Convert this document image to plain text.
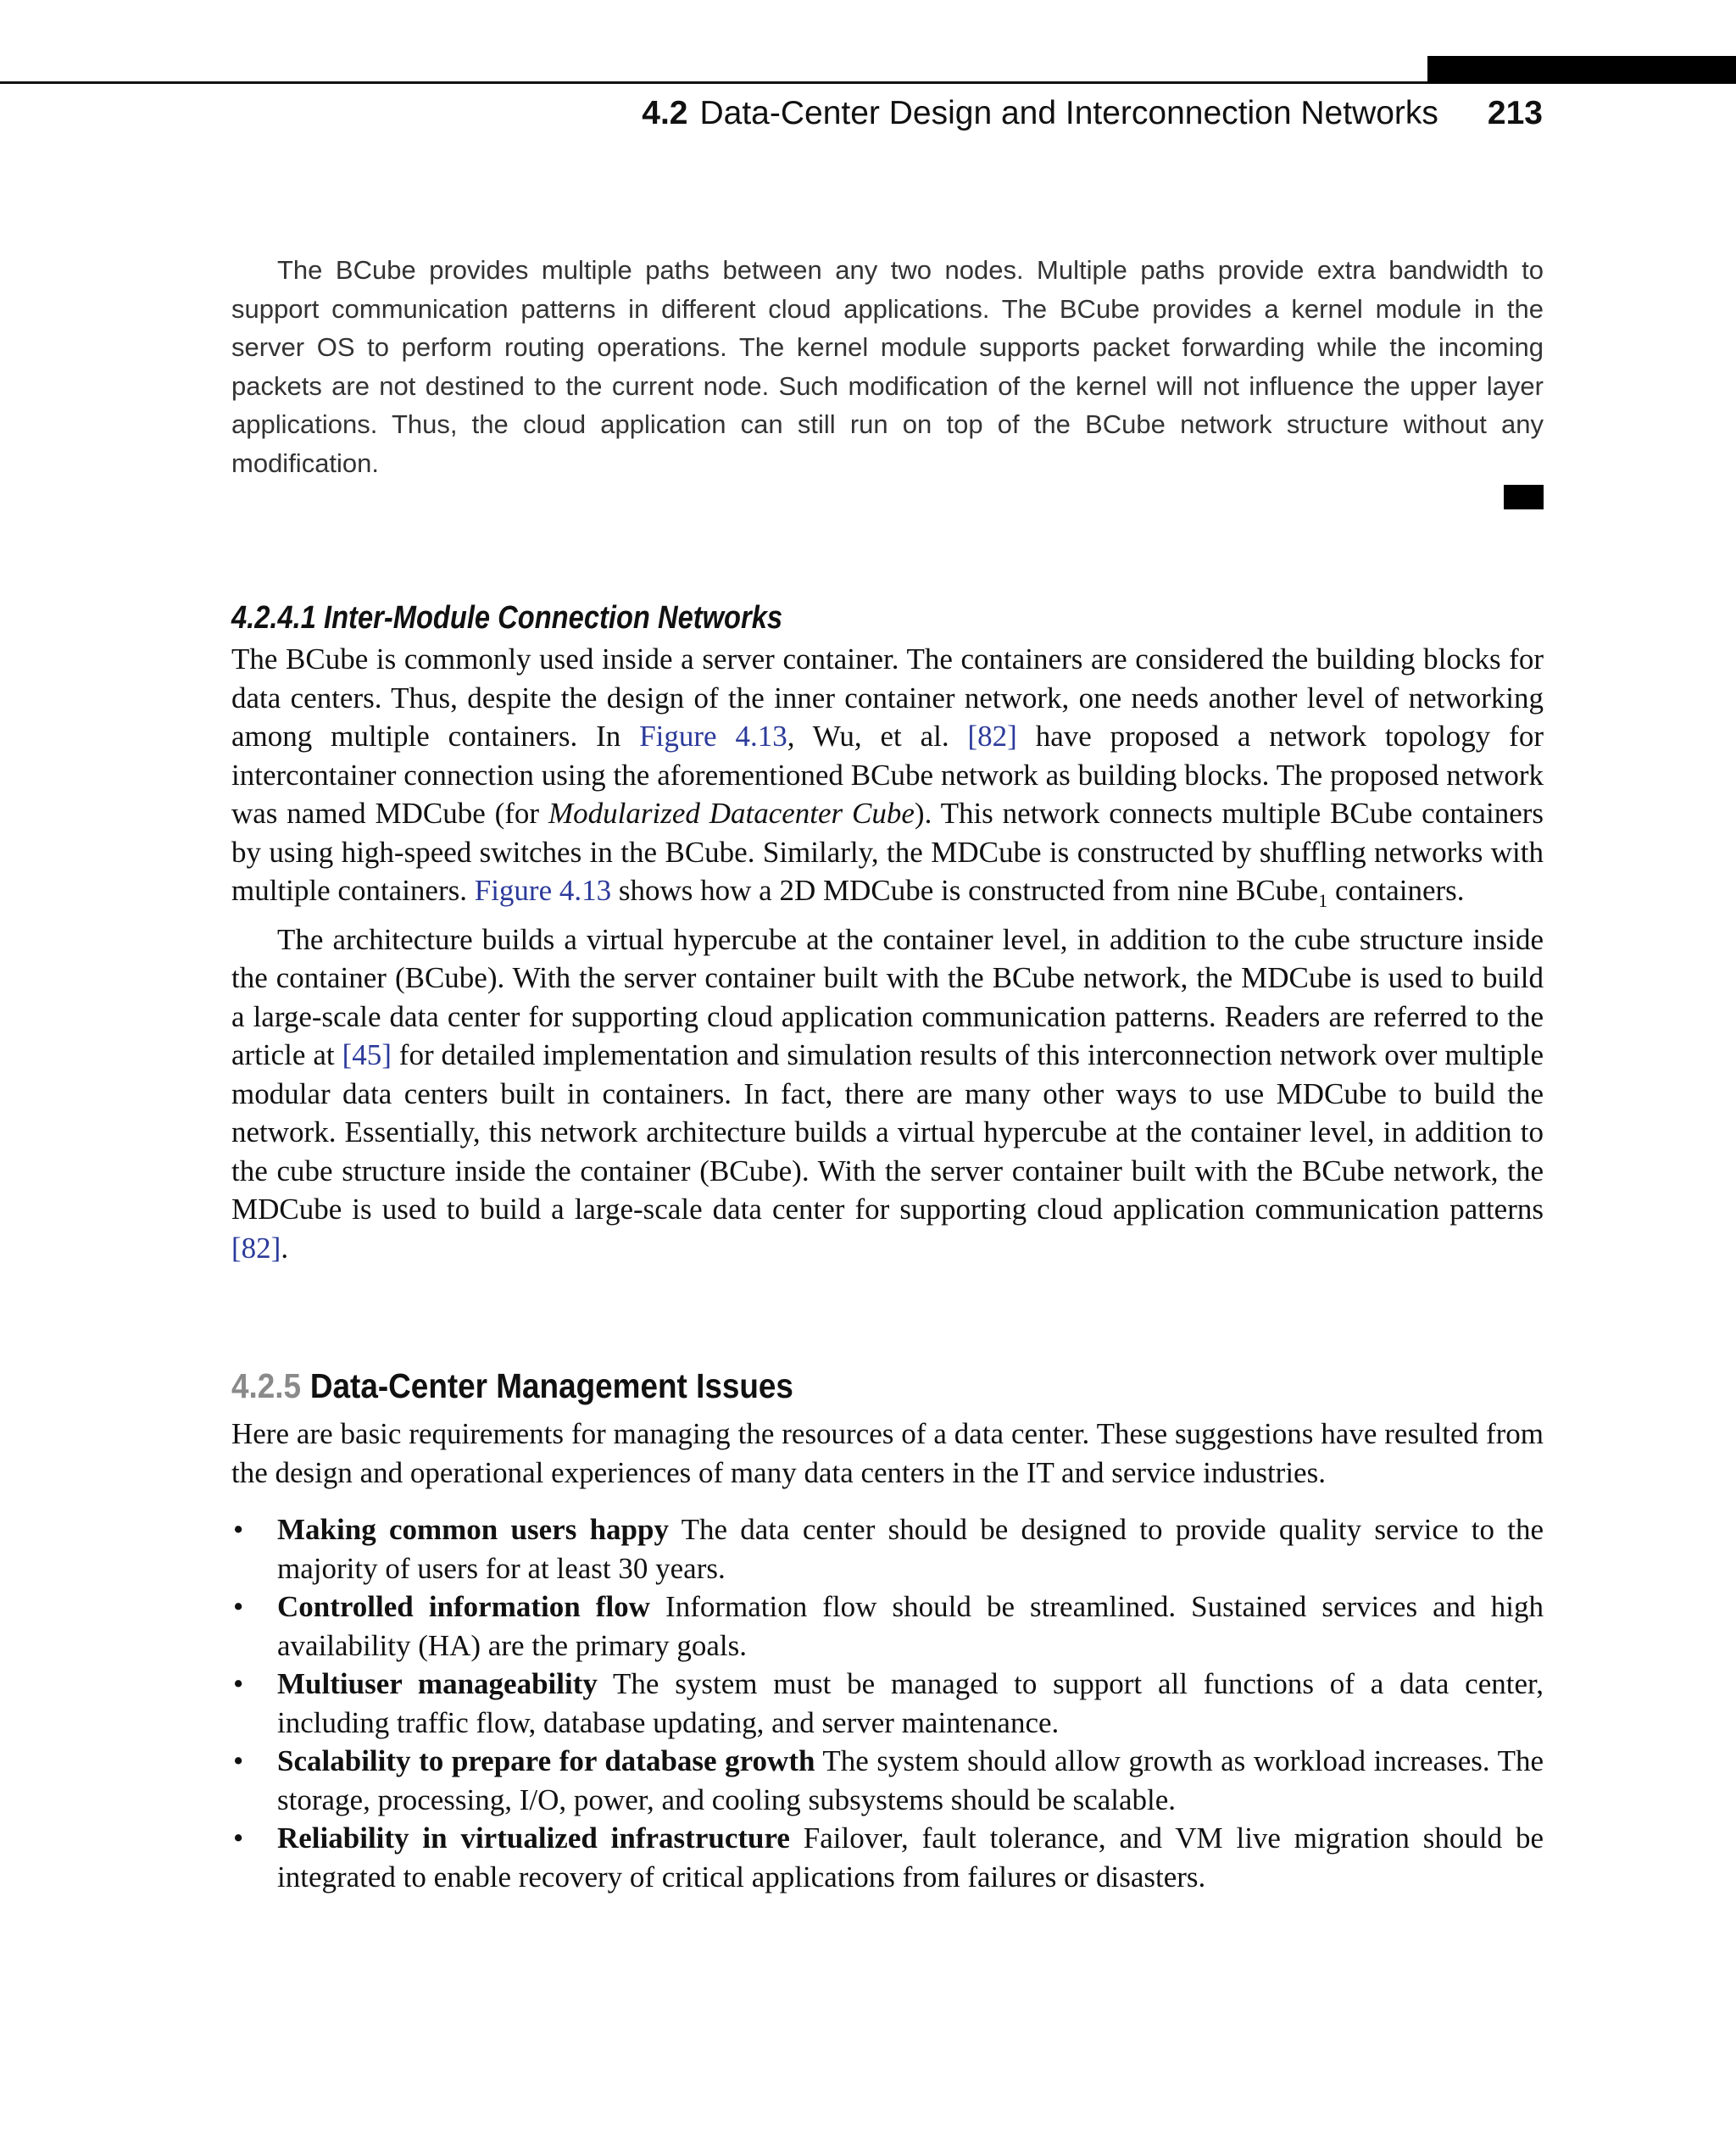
4.2 Data-Center Design and Interconnection Networks 213

The BCube provides multiple paths between any two nodes. Multiple paths provide extra bandwidth to support communication patterns in different cloud applications. The BCube provides a kernel module in the server OS to perform routing operations. The kernel module supports packet forwarding while the incoming packets are not destined to the current node. Such modification of the kernel will not influence the upper layer applications. Thus, the cloud application can still run on top of the BCube network structure without any modification.

4.2.4.1 Inter-Module Connection Networks

The BCube is commonly used inside a server container. The containers are considered the building blocks for data centers. Thus, despite the design of the inner container network, one needs another level of networking among multiple containers. In Figure 4.13, Wu, et al. [82] have proposed a network topology for intercontainer connection using the aforementioned BCube network as building blocks. The proposed network was named MDCube (for Modularized Datacenter Cube). This network connects multiple BCube containers by using high-speed switches in the BCube. Similarly, the MDCube is constructed by shuffling networks with multiple containers. Figure 4.13 shows how a 2D MDCube is constructed from nine BCube$_1$ containers.

The architecture builds a virtual hypercube at the container level, in addition to the cube structure inside the container (BCube). With the server container built with the BCube network, the MDCube is used to build a large-scale data center for supporting cloud application communication patterns. Readers are referred to the article at [45] for detailed implementation and simulation results of this interconnection network over multiple modular data centers built in containers. In fact, there are many other ways to use MDCube to build the network. Essentially, this network architecture builds a virtual hypercube at the container level, in addition to the cube structure inside the container (BCube). With the server container built with the BCube network, the MDCube is used to build a large-scale data center for supporting cloud application communication patterns [82].

4.2.5 Data-Center Management Issues

Here are basic requirements for managing the resources of a data center. These suggestions have resulted from the design and operational experiences of many data centers in the IT and service industries.

• Making common users happy The data center should be designed to provide quality service to the majority of users for at least 30 years.
• Controlled information flow Information flow should be streamlined. Sustained services and high availability (HA) are the primary goals.
• Multiuser manageability The system must be managed to support all functions of a data center, including traffic flow, database updating, and server maintenance.
• Scalability to prepare for database growth The system should allow growth as workload increases. The storage, processing, I/O, power, and cooling subsystems should be scalable.
• Reliability in virtualized infrastructure Failover, fault tolerance, and VM live migration should be integrated to enable recovery of critical applications from failures or disasters.
